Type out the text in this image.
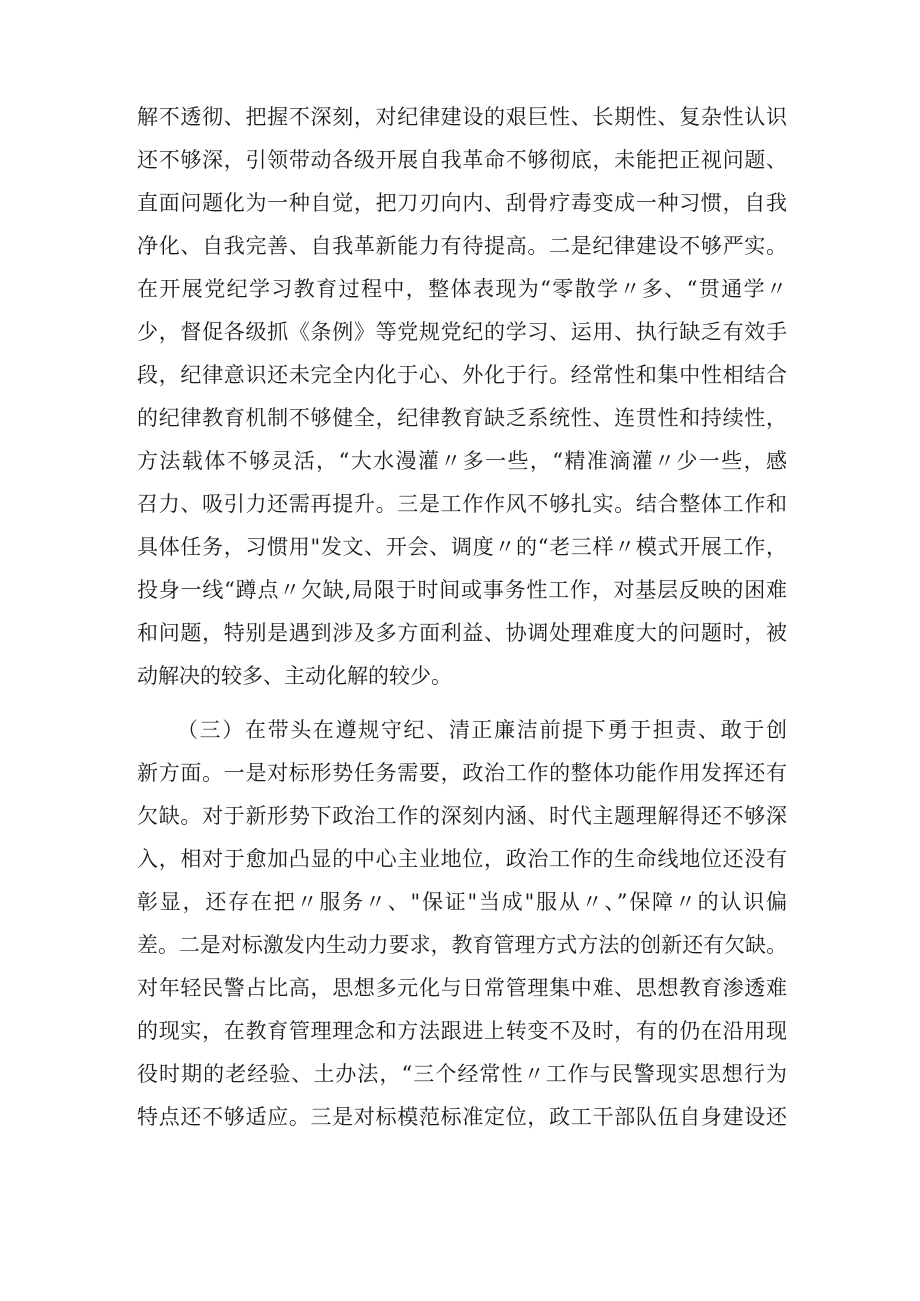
解不透彻、把握不深刻，对纪律建设的艰巨性、长期性、复杂性认识
还不够深，引领带动各级开展自我革命不够彻底，未能把正视问题、
直面问题化为一种自觉，把刀刃向内、刮骨疗毒变成一种习惯，自我
净化、自我完善、自我革新能力有待提高。二是纪律建设不够严实。
在开展党纪学习教育过程中，整体表现为“零散学〃多、“贯通学〃
少，督促各级抓《条例》等党规党纪的学习、运用、执行缺乏有效手
段，纪律意识还未完全内化于心、外化于行。经常性和集中性相结合
的纪律教育机制不够健全，纪律教育缺乏系统性、连贯性和持续性，
方法载体不够灵活，“大水漫灌〃多一些，“精准滴灌〃少一些，感
召力、吸引力还需再提升。三是工作作风不够扎实。结合整体工作和
具体任务，习惯用"发文、开会、调度〃的“老三样〃模式开展工作，
投身一线“蹲点〃欠缺,局限于时间或事务性工作，对基层反映的困难
和问题，特别是遇到涉及多方面利益、协调处理难度大的问题时，被
动解决的较多、主动化解的较少。
（三）在带头在遵规守纪、清正廉洁前提下勇于担责、敢于创
新方面。一是对标形势任务需要，政治工作的整体功能作用发挥还有
欠缺。对于新形势下政治工作的深刻内涵、时代主题理解得还不够深
入，相对于愈加凸显的中心主业地位，政治工作的生命线地位还没有
彰显，还存在把〃服务〃、"保证"当成"服从〃、”保障〃的认识偏
差。二是对标激发内生动力要求，教育管理方式方法的创新还有欠缺。
对年轻民警占比高，思想多元化与日常管理集中难、思想教育渗透难
的现实，在教育管理理念和方法跟进上转变不及时，有的仍在沿用现
役时期的老经验、土办法，“三个经常性〃工作与民警现实思想行为
特点还不够适应。三是对标模范标准定位，政工干部队伍自身建设还
